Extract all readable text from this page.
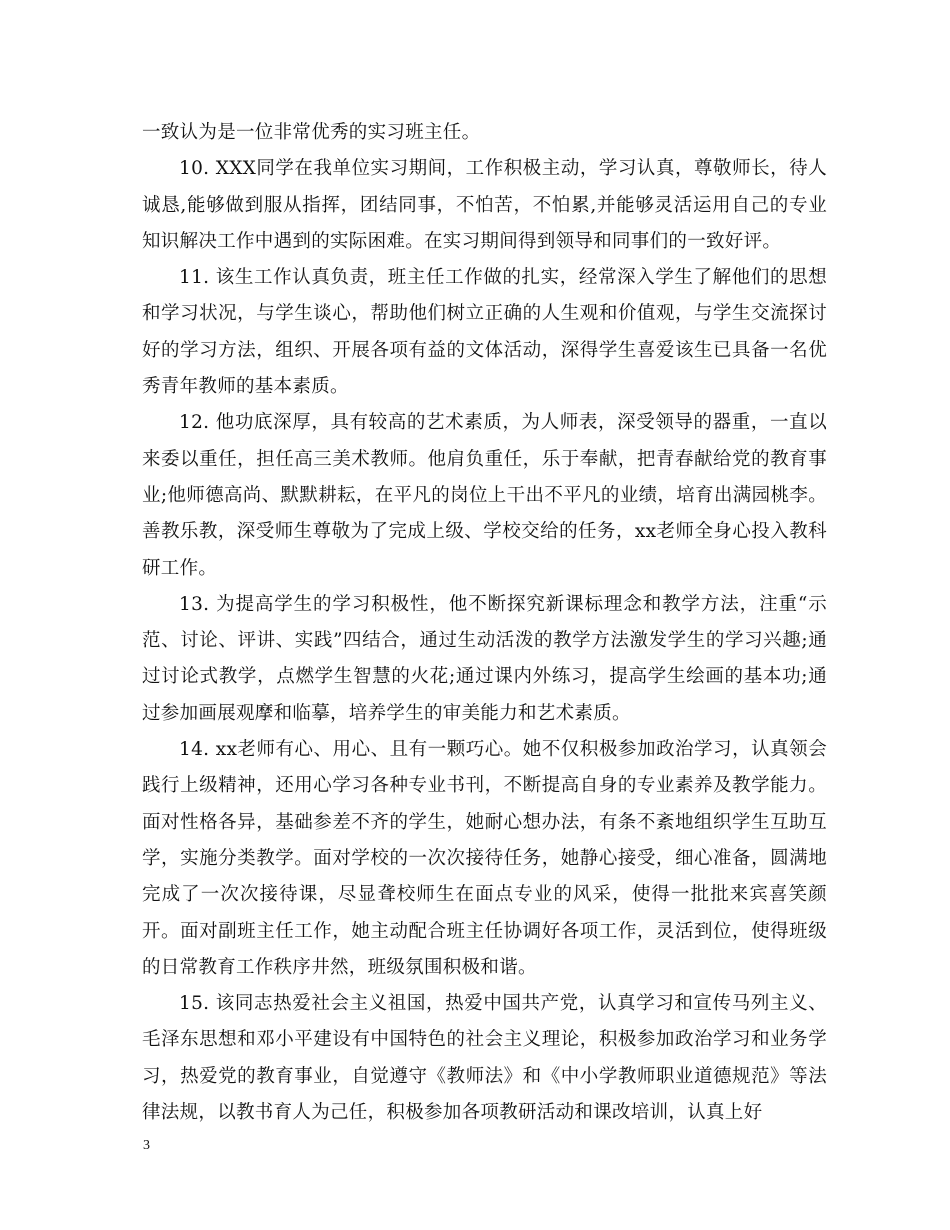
一致认为是一位非常优秀的实习班主任。

10. XXX同学在我单位实习期间，工作积极主动，学习认真，尊敬师长，待人诚恳,能够做到服从指挥，团结同事，不怕苦，不怕累,并能够灵活运用自己的专业知识解决工作中遇到的实际困难。在实习期间得到领导和同事们的一致好评。

11. 该生工作认真负责，班主任工作做的扎实，经常深入学生了解他们的思想和学习状况，与学生谈心，帮助他们树立正确的人生观和价值观，与学生交流探讨好的学习方法，组织、开展各项有益的文体活动，深得学生喜爱该生已具备一名优秀青年教师的基本素质。

12. 他功底深厚，具有较高的艺术素质，为人师表，深受领导的器重，一直以来委以重任，担任高三美术教师。他肩负重任，乐于奉献，把青春献给党的教育事业;他师德高尚、默默耕耘，在平凡的岗位上干出不平凡的业绩，培育出满园桃李。善教乐教，深受师生尊敬为了完成上级、学校交给的任务，xx老师全身心投入教科研工作。

13. 为提高学生的学习积极性，他不断探究新课标理念和教学方法，注重“示范、讨论、评讲、实践”四结合，通过生动活泼的教学方法激发学生的学习兴趣;通过讨论式教学，点燃学生智慧的火花;通过课内外练习，提高学生绘画的基本功;通过参加画展观摩和临摹，培养学生的审美能力和艺术素质。

14. xx老师有心、用心、且有一颗巧心。她不仅积极参加政治学习，认真领会践行上级精神，还用心学习各种专业书刊，不断提高自身的专业素养及教学能力。面对性格各异，基础参差不齐的学生，她耐心想办法，有条不紊地组织学生互助互学，实施分类教学。面对学校的一次次接待任务，她静心接受，细心准备，圆满地完成了一次次接待课，尽显聋校师生在面点专业的风采，使得一批批来宾喜笑颜开。面对副班主任工作，她主动配合班主任协调好各项工作，灵活到位，使得班级的日常教育工作秩序井然，班级氛围积极和谐。

15. 该同志热爱社会主义祖国，热爱中国共产党，认真学习和宣传马列主义、毛泽东思想和邓小平建设有中国特色的社会主义理论，积极参加政治学习和业务学习，热爱党的教育事业，自觉遵守《教师法》和《中小学教师职业道德规范》等法律法规，以教书育人为己任，积极参加各项教研活动和课改培训，认真上好

3
